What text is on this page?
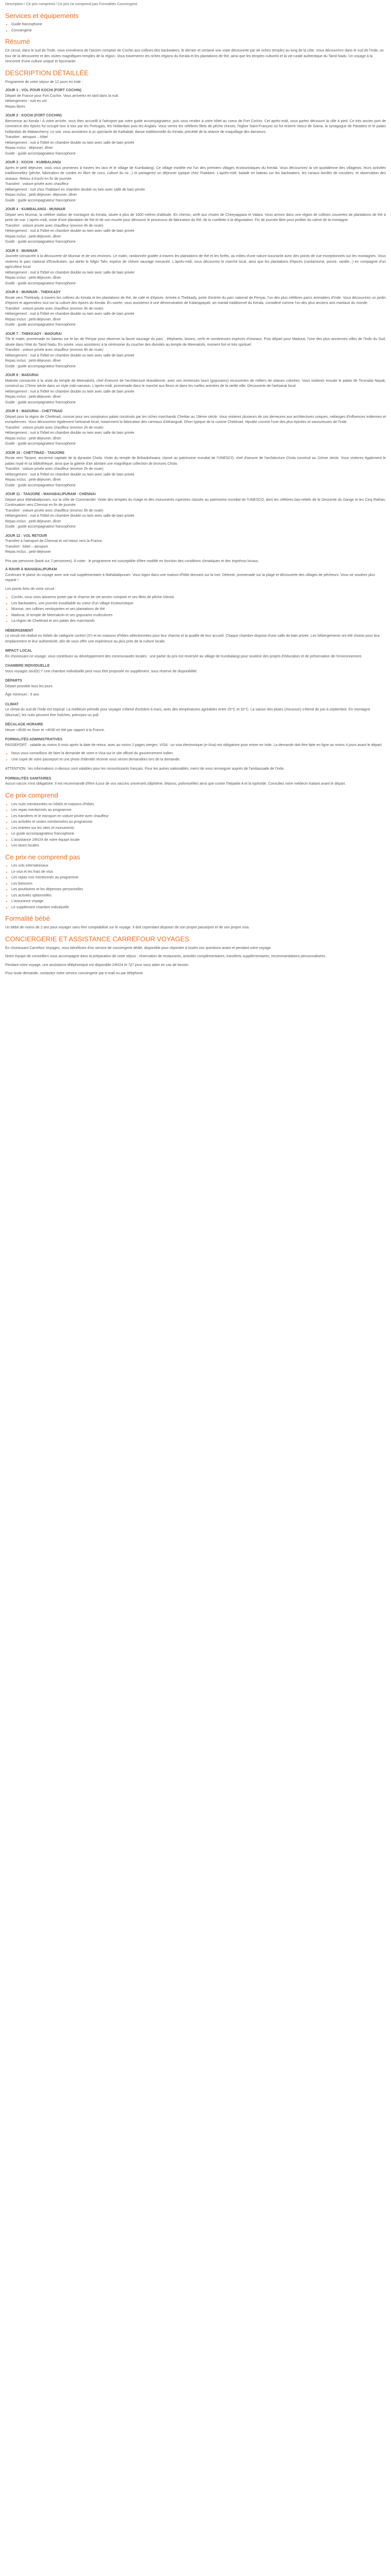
Description / Ce prix comprend / Ce prix ne comprend pas Formalités Conciergerie
Services et équipements
• Guide francophone
• Conciergerie
Résumé

Ce circuit, dans le sud de l'Inde, vous emmènera de l'ancien comptoir de Cochin aux collines des backwaters, le dernier et certaine une vraie découverte par de riches temples au long de la côte. Vous découvrirez dans le sud de l'Inde, un tour de la découverte et des visites magnifiques temples de la région. Vous traverserez les riches régions du Kerala et les plantations de thé, ainsi que les temples culturels et la vie rurale authentique du Tamil Nadu. Un voyage à la rencontre d'une culture unique et fascinante.

DESCRIPTION DÉTAILLÉE

Programme de votre séjour de 12 jours en Inde :

JOUR 1 : VOL POUR KOCHI (FORT COCHIN)
Départ de France pour Fort Cochin. Vous arriverez en tard dans la nuit.
Hébergement : nuit en vol
Repas libres
JOUR 2 : KOCHI (FORT COCHIN)
Bienvenue au Kerala ! À votre arrivée, vous êtes accueilli à l'aéroport par votre guide accompagnateur, puis vous rendez à votre hôtel au coeur de Fort Cochin. Cet après-midi, vous partez découvrir la ville à pied. Ce très ancien port de commerce des épices fut occupé tour à tour par les Portugais, les Hollandais puis les Anglais. Vous verrez les célèbres filets de pêche chinois, l'église Saint-François où fut enterré Vasco de Gama, la synagogue de Paradesi et le palais hollandais de Mattancherry. Le soir, vous assisterez à un spectacle de Kathakali, danse traditionnelle du Kerala, précédé de la séance de maquillage des danseurs.
Transfert : aéroport – hôtel
Hébergement : nuit à l'hôtel en chambre double ou twin avec salle de bain privée
Repas inclus : déjeuner, dîner
Guide : guide accompagnateur francophone
JOUR 3 : KOCHI - KUMBALANGI
Après le petit déjeuner, vous vous promenez à travers les lacs et le village de Kumbalangi. Ce village modèle est l'un des premiers villages écotouristiques du Kerala. Vous découvrirez la vie quotidienne des villageois, leurs activités traditionnelles (pêche, fabrication de cordes en fibre de coco, culture du riz...) et partagerez un déjeuner typique chez l'habitant. L'après-midi, balade en bateau sur les backwaters, les canaux bordés de cocotiers, et observation des oiseaux. Retour à Kochi en fin de journée.
Transfert : voiture privée avec chauffeur
Hébergement : nuit chez l'habitant en chambre double ou twin avec salle de bain privée
Repas inclus : petit-déjeuner, déjeuner, dîner
Guide : guide accompagnateur francophone
JOUR 4 : KUMBALANGI - MUNNAR
Départ vers Munnar, la célèbre station de montagne du Kerala, située à plus de 1600 mètres d'altitude. En chemin, arrêt aux chutes de Cheeyappara et Valara. Vous arrivez dans une région de collines couvertes de plantations de thé à perte de vue. L'après-midi, visite d'une plantation de thé et de son musée pour découvrir le processus de fabrication du thé, de la cueillette à la dégustation. Fin de journée libre pour profiter du calme de la montagne.
Transfert : voiture privée avec chauffeur (environ 4h de route)
Hébergement : nuit à l'hôtel en chambre double ou twin avec salle de bain privée
Repas inclus : petit-déjeuner, dîner
Guide : guide accompagnateur francophone
JOUR 5 : MUNNAR
Journée consacrée à la découverte de Munnar et de ses environs. Le matin, randonnée guidée à travers les plantations de thé et les forêts, au milieu d'une nature luxuriante avec des points de vue exceptionnels sur les montagnes. Vous visiterez le parc national d'Eravikulam, qui abrite le Nilgiri Tahr, espèce de chèvre sauvage menacée. L'après-midi, vous découvrez le marché local, ainsi que les plantations d'épices (cardamome, poivre, vanille...) en compagnie d'un agriculteur local.
Hébergement : nuit à l'hôtel en chambre double ou twin avec salle de bain privée
Repas inclus : petit-déjeuner, dîner
Guide : guide accompagnateur francophone
JOUR 6 : MUNNAR - THEKKADY
Route vers Thekkady, à travers les collines du Kerala et les plantations de thé, de café et d'épices. Arrivée à Thekkady, porte d'entrée du parc national de Periyar, l'un des plus célèbres parcs animaliers d'Inde. Vous découvrirez un jardin d'épices et apprendrez tout sur la culture des épices du Kerala. En soirée, vous assisterez à une démonstration de Kalarippayatt, art martial traditionnel du Kerala, considéré comme l'un des plus anciens arts martiaux du monde.
Transfert : voiture privée avec chauffeur (environ 3h de route)
Hébergement : nuit à l'hôtel en chambre double ou twin avec salle de bain privée
Repas inclus : petit-déjeuner, dîner
Guide : guide accompagnateur francophone
JOUR 7 : THEKKADY - MADURAI
Tôt le matin, promenade en bateau sur le lac de Periyar pour observer la faune sauvage du parc : éléphants, bisons, cerfs et nombreuses espèces d'oiseaux. Puis départ pour Madurai, l'une des plus anciennes villes de l'Inde du Sud, située dans l'état du Tamil Nadu. En soirée, vous assisterez à la cérémonie du coucher des divinités au temple de Meenakshi, moment fort et très spirituel.
Transfert : voiture privée avec chauffeur (environ 4h de route)
Hébergement : nuit à l'hôtel en chambre double ou twin avec salle de bain privée
Repas inclus : petit-déjeuner, dîner
Guide : guide accompagnateur francophone
JOUR 8 : MADURAI
Matinée consacrée à la visite du temple de Meenakshi, chef d'oeuvre de l'architecture dravidienne, avec ses immenses tours (gopurams) recouvertes de milliers de statues colorées. Vous visiterez ensuite le palais de Tirumalai Nayak, construit au 17ème siècle dans un style indo-sarrasin. L'après-midi, promenade dans le marché aux fleurs et dans les ruelles animées de la vieille ville. Découverte de l'artisanat local.
Hébergement : nuit à l'hôtel en chambre double ou twin avec salle de bain privée
Repas inclus : petit-déjeuner, dîner
Guide : guide accompagnateur francophone
JOUR 9 : MADURAI - CHETTINAD
Départ pour la région de Chettinad, connue pour ses somptueux palais construits par les riches marchands Chettiar au 19ème siècle. Vous visiterez plusieurs de ces demeures aux architectures uniques, mélanges d'influences indiennes et européennes. Vous découvrirez également l'artisanat local, notamment la fabrication des carreaux d'Athangudi. Dîner typique de la cuisine Chettinad, réputée comme l'une des plus épicées et savoureuses de l'Inde.
Transfert : voiture privée avec chauffeur (environ 2h de route)
Hébergement : nuit à l'hôtel en chambre double ou twin avec salle de bain privée
Repas inclus : petit-déjeuner, dîner
Guide : guide accompagnateur francophone
JOUR 10 : CHETTINAD - TANJORE
Route vers Tanjore, ancienne capitale de la dynastie Chola. Visite du temple de Brihadishwara, classé au patrimoine mondial de l'UNESCO, chef d'oeuvre de l'architecture Chola construit au 11ème siècle. Vous visiterez également le palais royal et sa bibliothèque, ainsi que la galerie d'art abritant une magnifique collection de bronzes Chola.
Transfert : voiture privée avec chauffeur (environ 2h de route)
Hébergement : nuit à l'hôtel en chambre double ou twin avec salle de bain privée
Repas inclus : petit-déjeuner, dîner
Guide : guide accompagnateur francophone
JOUR 11 : TANJORE - MAHABALIPURAM - CHENNAI
Départ pour Mahabalipuram, sur la côte de Coromandel. Visite des temples du rivage et des monuments rupestres classés au patrimoine mondial de l'UNESCO, dont les célèbres bas-reliefs de la Descente du Gange et les Cinq Rathas. Continuation vers Chennai en fin de journée.
Transfert : voiture privée avec chauffeur (environ 5h de route)
Hébergement : nuit à l'hôtel en chambre double ou twin avec salle de bain privée
Repas inclus : petit-déjeuner, dîner
Guide : guide accompagnateur francophone
JOUR 12 : VOL RETOUR
Transfert à l'aéroport de Chennai et vol retour vers la France.
Transfert : hôtel – aéroport
Repas inclus : petit-déjeuner

Prix par personne (basé sur 2 personnes). À noter : le programme est susceptible d'être modifié en fonction des conditions climatiques et des imprévus locaux.

À RAVIR À MAHABALIPURAM

Continuez le plaisir du voyage avec une nuit supplémentaire à Mahabalipuram. Vous logez dans une maison d'hôte donnant sur la mer. Détente, promenade sur la plage et découverte des villages de pêcheurs. Vous ne voudrez plus repartir !

Les points forts de votre circuit :

• Cochin, vous vous laisserez porter par le charme de cet ancien comptoir et ses filets de pêche chinois
• Les backwaters, une journée inoubliable au coeur d'un village écotouristique
• Munnar, ses collines verdoyantes et ses plantations de thé
• Madurai, le temple de Meenakshi et ses gopurams multicolores
• La région de Chettinad et ses palais des marchands
HÉBERGEMENT

Le circuit est réalisé en hôtels de catégorie confort (3*) et en maisons d'hôtes sélectionnées pour leur charme et la qualité de leur accueil. Chaque chambre dispose d'une salle de bain privée. Les hébergements ont été choisis pour leur emplacement et leur authenticité, afin de vous offrir une expérience au plus près de la culture locale.

IMPACT LOCAL

En choisissant ce voyage, vous contribuez au développement des communautés locales : une partie du prix est reversée au village de Kumbalangi pour soutenir des projets d'éducation et de préservation de l'environnement.

CHAMBRE INDIVIDUELLE

Vous voyagez seul(e) ? Une chambre individuelle peut vous être proposée en supplément, sous réserve de disponibilité.

DÉPARTS

Départ possible tous les jours

Âge minimum : 5 ans

CLIMAT

Le climat du sud de l'Inde est tropical. La meilleure période pour voyager s'étend d'octobre à mars, avec des températures agréables entre 25°C et 32°C. La saison des pluies (mousson) s'étend de juin à septembre. En montagne (Munnar), les nuits peuvent être fraîches, prévoyez un pull.

DÉCALAGE HORAIRE

Heure +3h30 en hiver et +4h30 en été par rapport à la France.

FORMALITÉS ADMINISTRATIVES

PASSEPORT : valable au moins 6 mois après la date de retour, avec au moins 2 pages vierges. VISA : un visa électronique (e-Visa) est obligatoire pour entrer en Inde. La demande doit être faite en ligne au moins 4 jours avant le départ.

• Nous vous conseillons de faire la demande de votre e-Visa sur le site officiel du gouvernement indien.
• Une copie de votre passeport et une photo d'identité récente vous seront demandées lors de la demande.

ATTENTION : les informations ci-dessus sont valables pour les ressortissants français. Pour les autres nationalités, merci de vous renseigner auprès de l'ambassade de l'Inde.

FORMALITÉS SANITAIRES

Aucun vaccin n'est obligatoire. Il est recommandé d'être à jour de vos vaccins universels (diphtérie, tétanos, poliomyélite) ainsi que contre l'hépatite A et la typhoïde. Consultez votre médecin traitant avant le départ.

Ce prix comprend
• Les nuits mentionnées en hôtels et maisons d'hôtes
• Les repas mentionnés au programme
• Les transferts et le transport en voiture privée avec chauffeur
• Les activités et visites mentionnées au programme
• Les entrées sur les sites et monuments
• Le guide accompagnateur francophone
• L'assistance 24h/24 de notre équipe locale
• Les taxes locales
Ce prix ne comprend pas
• Les vols internationaux
• Le visa et les frais de visa
• Les repas non mentionnés au programme
• Les boissons
• Les pourboires et les dépenses personnelles
• Les activités optionnelles
• L'assurance voyage
• Le supplément chambre individuelle
Formalité bébé

Un bébé de moins de 2 ans peut voyager sans être comptabilisé sur le voyage. Il doit cependant disposer de son propre passeport et de son propre visa.

CONCIERGERIE ET ASSISTANCE CARREFOUR VOYAGES

En choisissant Carrefour Voyages, vous bénéficiez d'un service de conciergerie dédié, disponible pour répondre à toutes vos questions avant et pendant votre voyage.

Notre équipe de conseillers vous accompagne dans la préparation de votre séjour : réservation de restaurants, activités complémentaires, transferts supplémentaires, recommandations personnalisées.

Pendant votre voyage, une assistance téléphonique est disponible 24h/24 et 7j/7 pour vous aider en cas de besoin.

Pour toute demande, contactez notre service conciergerie par e-mail ou par téléphone.
